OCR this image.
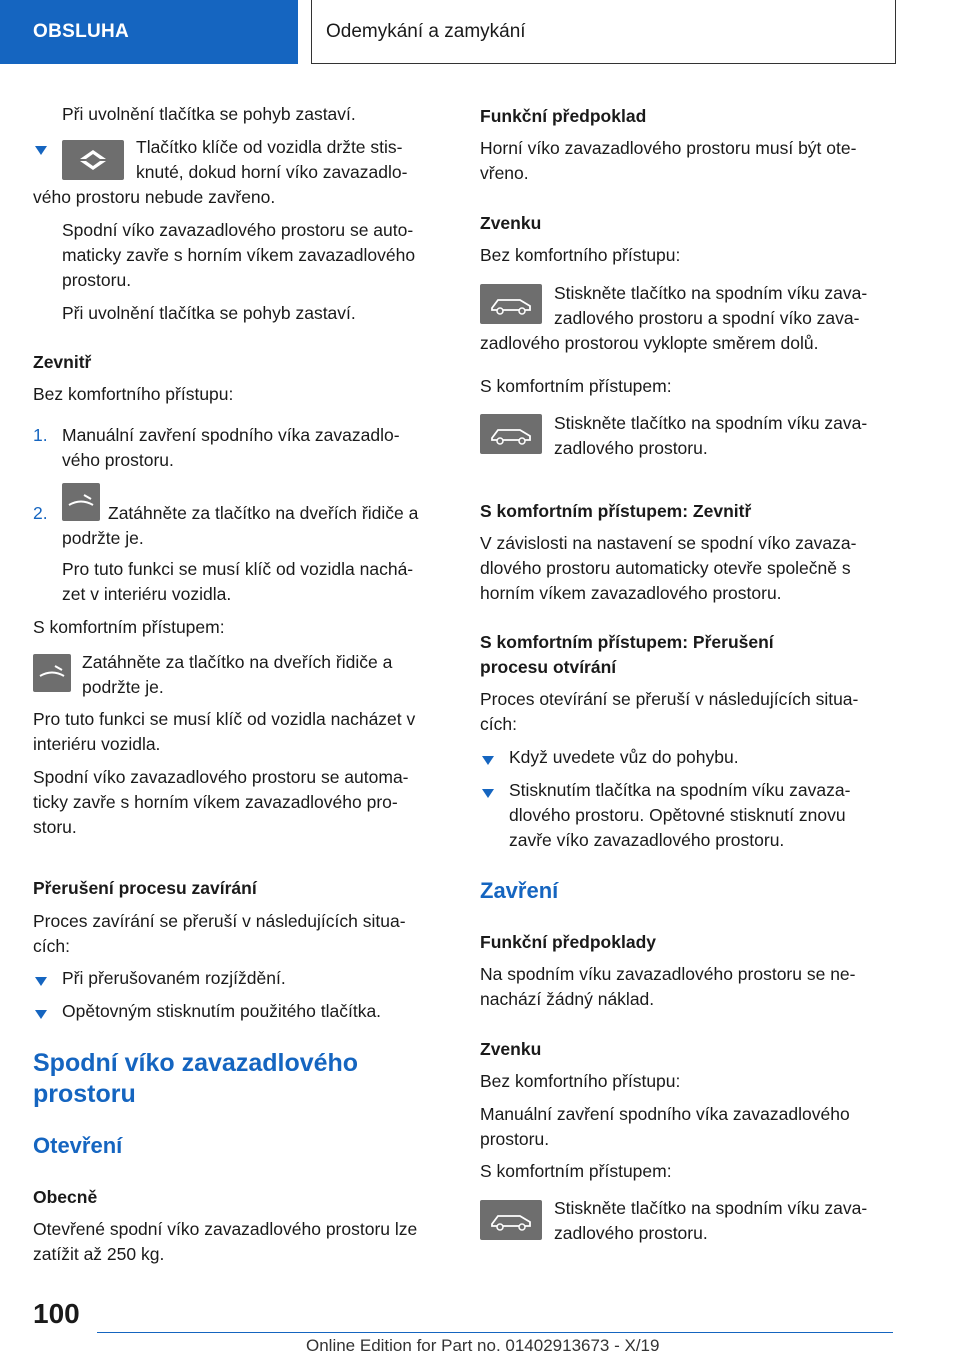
OBSLUHA	Odemykání a zamykání
Při uvolnění tlačítka se pohyb zastaví.
Tlačítko klíče od vozidla držte stis-
knuté, dokud horní víko zavazadlo-
vého prostoru nebude zavřeno.
Spodní víko zavazadlového prostoru se auto-
maticky zavře s horním víkem zavazadlového
prostoru.
Při uvolnění tlačítka se pohyb zastaví.
Zevnitř
Bez komfortního přístupu:
1. Manuální zavření spodního víka zavazadlo-
vého prostoru.
2.	Zatáhněte za tlačítko na dveřích řidiče a
podržte je.
Pro tuto funkci se musí klíč od vozidla nachá-
zet v interiéru vozidla.
S komfortním přístupem:
Zatáhněte za tlačítko na dveřích řidiče a
podržte je.
Pro tuto funkci se musí klíč od vozidla nacházet v
interiéru vozidla.
Spodní víko zavazadlového prostoru se automa-
ticky zavře s horním víkem zavazadlového pro-
storu.
Přerušení procesu zavírání
Proces zavírání se přeruší v následujících situa-
cích:
Při přerušovaném rozjíždění.
Opětovným stisknutím použitého tlačítka.
Spodní víko zavazadlového
prostoru
Otevření
Obecně
Otevřené spodní víko zavazadlového prostoru lze
zatížit až 250 kg.
Funkční předpoklad
Horní víko zavazadlového prostoru musí být ote-
vřeno.
Zvenku
Bez komfortního přístupu:
Stiskněte tlačítko na spodním víku zava-
zadlového prostoru a spodní víko zava-
zadlového prostorou vyklopte směrem dolů.
S komfortním přístupem:
Stiskněte tlačítko na spodním víku zava-
zadlového prostoru.
S komfortním přístupem: Zevnitř
V závislosti na nastavení se spodní víko zavaza-
dlového prostoru automaticky otevře společně s
horním víkem zavazadlového prostoru.
S komfortním přístupem: Přerušení
procesu otvírání
Proces otevírání se přeruší v následujících situa-
cích:
Když uvedete vůz do pohybu.
Stisknutím tlačítka na spodním víku zavaza-
dlového prostoru. Opětovné stisknutí znovu
zavře víko zavazadlového prostoru.
Zavření
Funkční předpoklady
Na spodním víku zavazadlového prostoru se ne-
nachází žádný náklad.
Zvenku
Bez komfortního přístupu:
Manuální zavření spodního víka zavazadlového
prostoru.
S komfortním přístupem:
Stiskněte tlačítko na spodním víku zava-
zadlového prostoru.
100
Online Edition for Part no. 01402913673 - X/19
